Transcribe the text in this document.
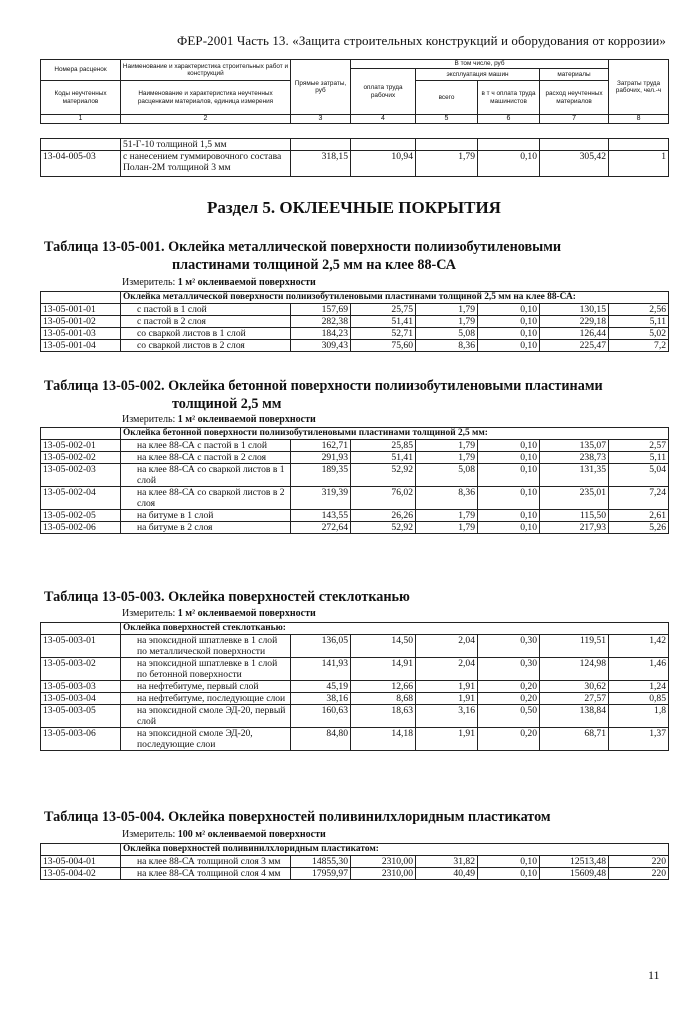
ФЕР-2001 Часть 13. «Защита строительных конструкций и оборудования от коррозии»
Номера расценок	Наименование и характеристика строительных работ и конструкций	Прямые затраты, руб	В том числе, руб				Затраты труда рабочих, чел.-ч
			оплата труда рабочих	эксплуатация машин		материалы	
Коды неучтенных материалов	Наименование и характеристика неучтенных расценками материалов, единица измерения			всего	в т ч оплата труда машинистов	расход неучтенных материалов	

1	2	3	4	5	6	7	8
	51-Г-10 толщиной 1,5 мм						
13-04-005-03	с нанесением гуммировочного состава Полан-2М толщиной 3 мм	318,15	10,94	1,79	0,10	305,42	1
Раздел 5. ОКЛЕЕЧНЫЕ ПОКРЫТИЯ
Таблица 13-05-001. Оклейка металлической поверхности полиизобутиленовыми
пластинами толщиной 2,5 мм на клее 88-СА
Измеритель: 1 м² оклеиваемой поверхности
	Оклейка металлической поверхности полиизобутиленовыми пластинами толщиной 2,5 мм на клее 88-СА:						
13-05-001-01	с пастой в 1 слой	157,69	25,75	1,79	0,10	130,15	2,56
13-05-001-02	с пастой в 2 слоя	282,38	51,41	1,79	0,10	229,18	5,11
13-05-001-03	со сваркой листов в 1 слой	184,23	52,71	5,08	0,10	126,44	5,02
13-05-001-04	со сваркой листов в 2 слоя	309,43	75,60	8,36	0,10	225,47	7,2
Таблица 13-05-002. Оклейка бетонной поверхности полиизобутиленовыми пластинами
толщиной 2,5 мм
Измеритель: 1 м² оклеиваемой поверхности
	Оклейка бетонной поверхности полиизобутиленовыми пластинами толщиной 2,5 мм:						
13-05-002-01	на клее 88-СА с пастой в 1 слой	162,71	25,85	1,79	0,10	135,07	2,57
13-05-002-02	на клее 88-СА с пастой в 2 слоя	291,93	51,41	1,79	0,10	238,73	5,11
13-05-002-03	на клее 88-СА со сваркой листов в 1 слой	189,35	52,92	5,08	0,10	131,35	5,04
13-05-002-04	на клее 88-СА со сваркой листов в 2 слоя	319,39	76,02	8,36	0,10	235,01	7,24
13-05-002-05	на битуме в 1 слой	143,55	26,26	1,79	0,10	115,50	2,61
13-05-002-06	на битуме в 2 слоя	272,64	52,92	1,79	0,10	217,93	5,26
Таблица 13-05-003. Оклейка поверхностей стеклотканью
Измеритель: 1 м² оклеиваемой поверхности
	Оклейка поверхностей стеклотканью:						
13-05-003-01	на эпоксидной шпатлевке в 1 слой по металлической поверхности	136,05	14,50	2,04	0,30	119,51	1,42
13-05-003-02	на эпоксидной шпатлевке в 1 слой по бетонной поверхности	141,93	14,91	2,04	0,30	124,98	1,46
13-05-003-03	на нефтебитуме, первый слой	45,19	12,66	1,91	0,20	30,62	1,24
13-05-003-04	на нефтебитуме, последующие слои	38,16	8,68	1,91	0,20	27,57	0,85
13-05-003-05	на эпоксидной смоле ЭД-20, первый слой	160,63	18,63	3,16	0,50	138,84	1,8
13-05-003-06	на эпоксидной смоле ЭД-20, последующие слои	84,80	14,18	1,91	0,20	68,71	1,37
Таблица 13-05-004. Оклейка поверхностей поливинилхлоридным пластикатом
Измеритель: 100 м² оклеиваемой поверхности
	Оклейка поверхностей поливинилхлоридным пластикатом:						
13-05-004-01	на клее 88-СА толщиной слоя 3 мм	14855,30	2310,00	31,82	0,10	12513,48	220
13-05-004-02	на клее 88-СА толщиной слоя 4 мм	17959,97	2310,00	40,49	0,10	15609,48	220
11
